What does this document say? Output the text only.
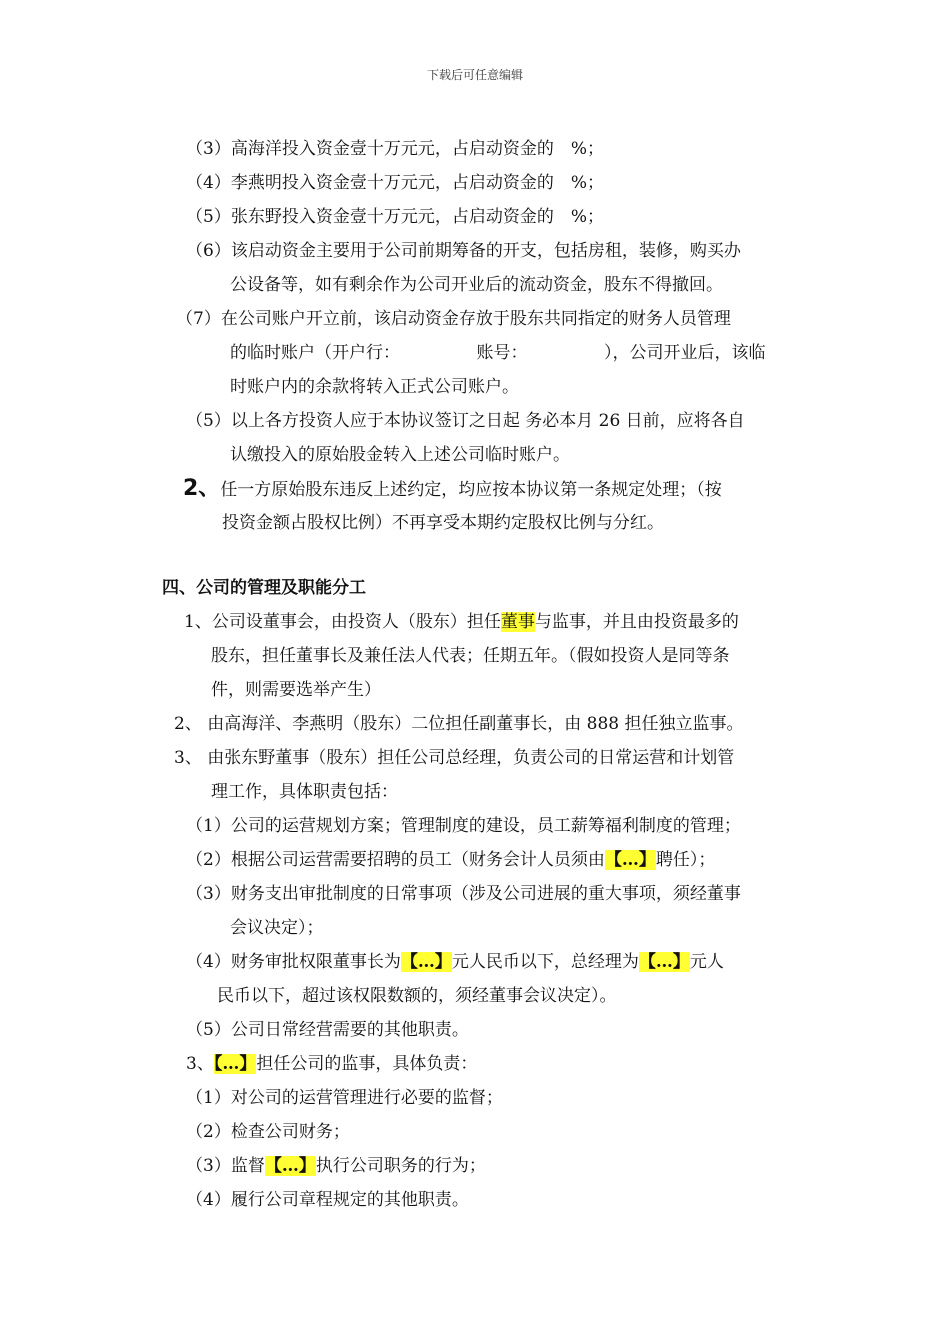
下载后可任意编辑
（3）高海洋投入资金壹十万元元，占启动资金的　%；
（4）李燕明投入资金壹十万元元，占启动资金的　%；
（5）张东野投入资金壹十万元元，占启动资金的　%；
（6）该启动资金主要用于公司前期筹备的开支，包括房租，装修，购买办
公设备等，如有剩余作为公司开业后的流动资金，股东不得撤回。
（7）在公司账户开立前，该启动资金存放于股东共同指定的财务人员管理
的临时账户（开户行：　　　　　账号：　　　　　），公司开业后，该临
时账户内的余款将转入正式公司账户。
（5）以上各方投资人应于本协议签订之日起 务必本月 26 日前，应将各自
认缴投入的原始股金转入上述公司临时账户。
2、任一方原始股东违反上述约定，均应按本协议第一条规定处理；（按
投资金额占股权比例）不再享受本期约定股权比例与分红。
四、公司的管理及职能分工
1、公司设董事会，由投资人（股东）担任董事与监事，并且由投资最多的
股东，担任董事长及兼任法人代表；任期五年。（假如投资人是同等条
件，则需要选举产生）
2、 由高海洋、李燕明（股东）二位担任副董事长，由 888 担任独立监事。
3、 由张东野董事（股东）担任公司总经理，负责公司的日常运营和计划管
理工作，具体职责包括：
（1）公司的运营规划方案；管理制度的建设，员工薪筹福利制度的管理；
（2）根据公司运营需要招聘的员工（财务会计人员须由【…】聘任）；
（3）财务支出审批制度的日常事项（涉及公司进展的重大事项，须经董事
会议决定）；
（4）财务审批权限董事长为【…】元人民币以下，总经理为【…】元人
民币以下，超过该权限数额的，须经董事会议决定）。
（5）公司日常经营需要的其他职责。
3、【…】担任公司的监事，具体负责：
（1）对公司的运营管理进行必要的监督；
（2）检查公司财务；
（3）监督【…】执行公司职务的行为；
（4）履行公司章程规定的其他职责。
